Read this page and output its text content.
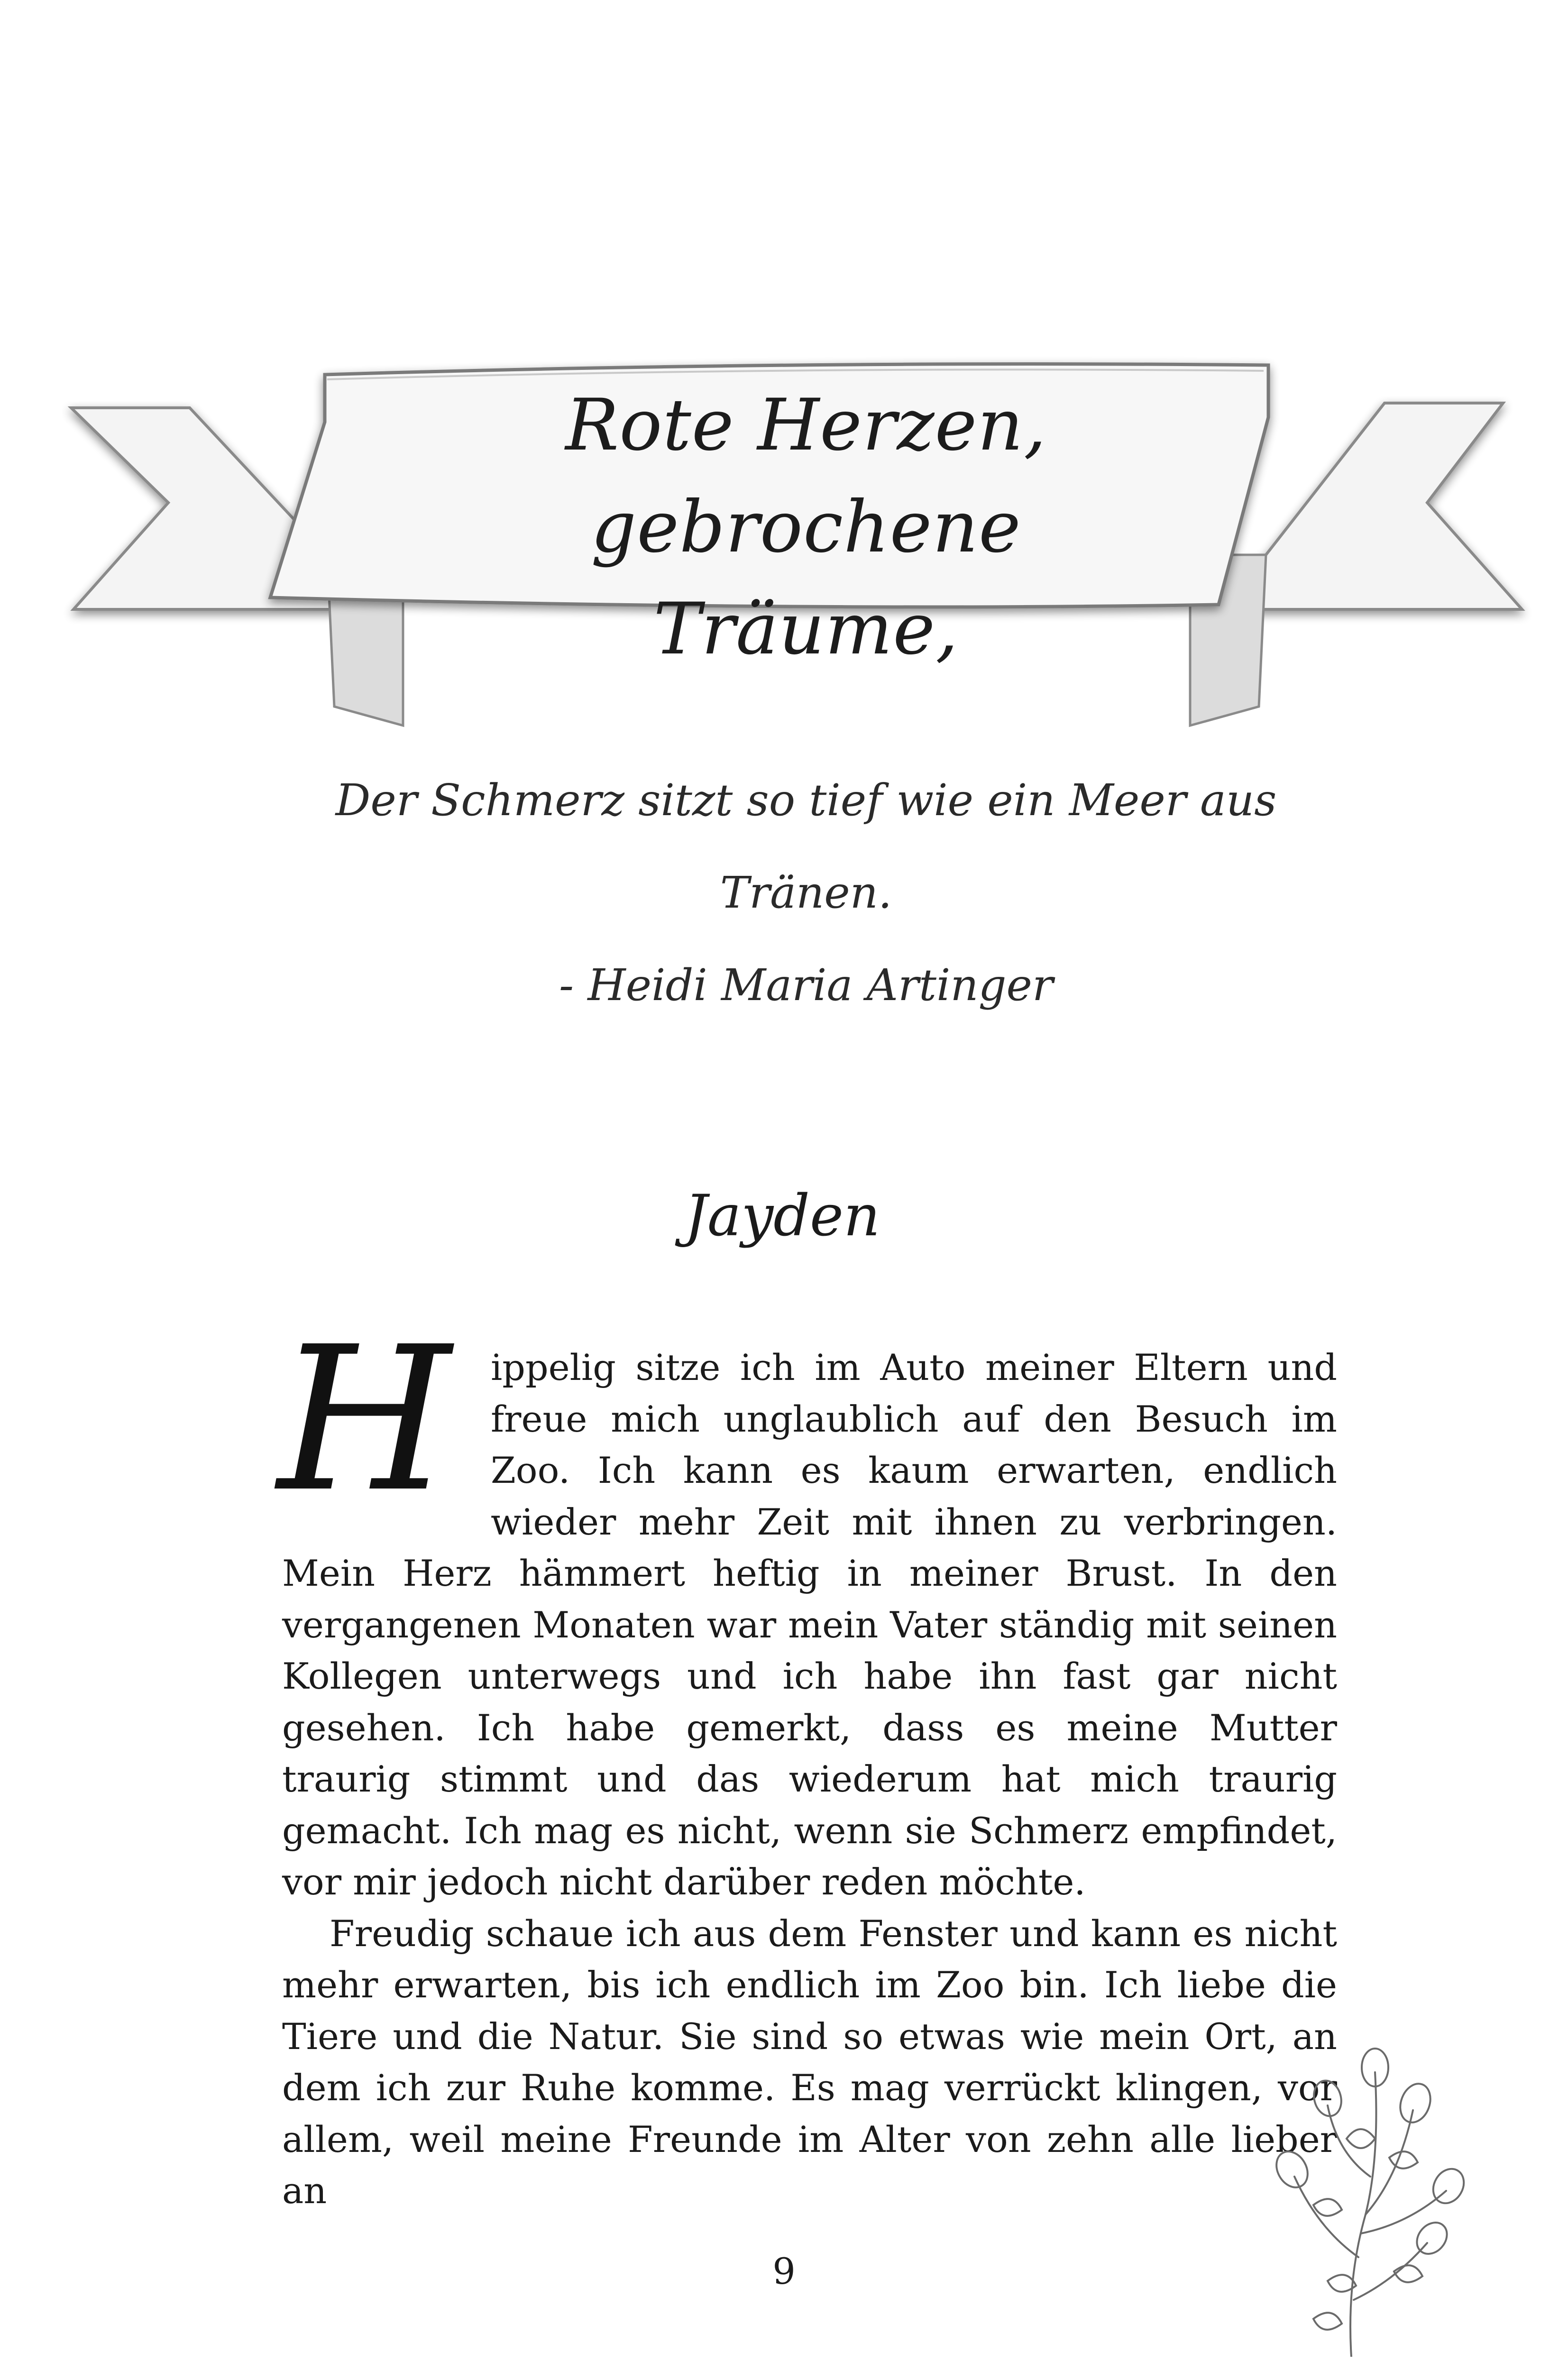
Rote Herzen, gebrochene
Träume,
Der Schmerz sitzt so tief wie ein Meer aus
Tränen.
- Heidi Maria Artinger
Jayden

H	ippelig sitze ich im Auto meiner Eltern und freue mich unglaublich auf den Besuch im Zoo. Ich kann es kaum erwarten, endlich wieder mehr Zeit mit ihnen zu verbringen. Mein Herz hämmert heftig in meiner Brust. In den vergangenen Monaten war mein Vater ständig mit seinen Kollegen unterwegs und ich habe ihn fast gar nicht gesehen. Ich habe gemerkt, dass es meine Mutter traurig stimmt und das wiederum hat mich traurig gemacht. Ich mag es nicht, wenn sie Schmerz empfindet, vor mir jedoch nicht darüber reden möchte.

Freudig schaue ich aus dem Fenster und kann es nicht mehr erwarten, bis ich endlich im Zoo bin. Ich liebe die Tiere und die Natur. Sie sind so etwas wie mein Ort, an dem ich zur Ruhe komme. Es mag verrückt klingen, vor allem, weil meine Freunde im Alter von zehn alle lieber an

9
